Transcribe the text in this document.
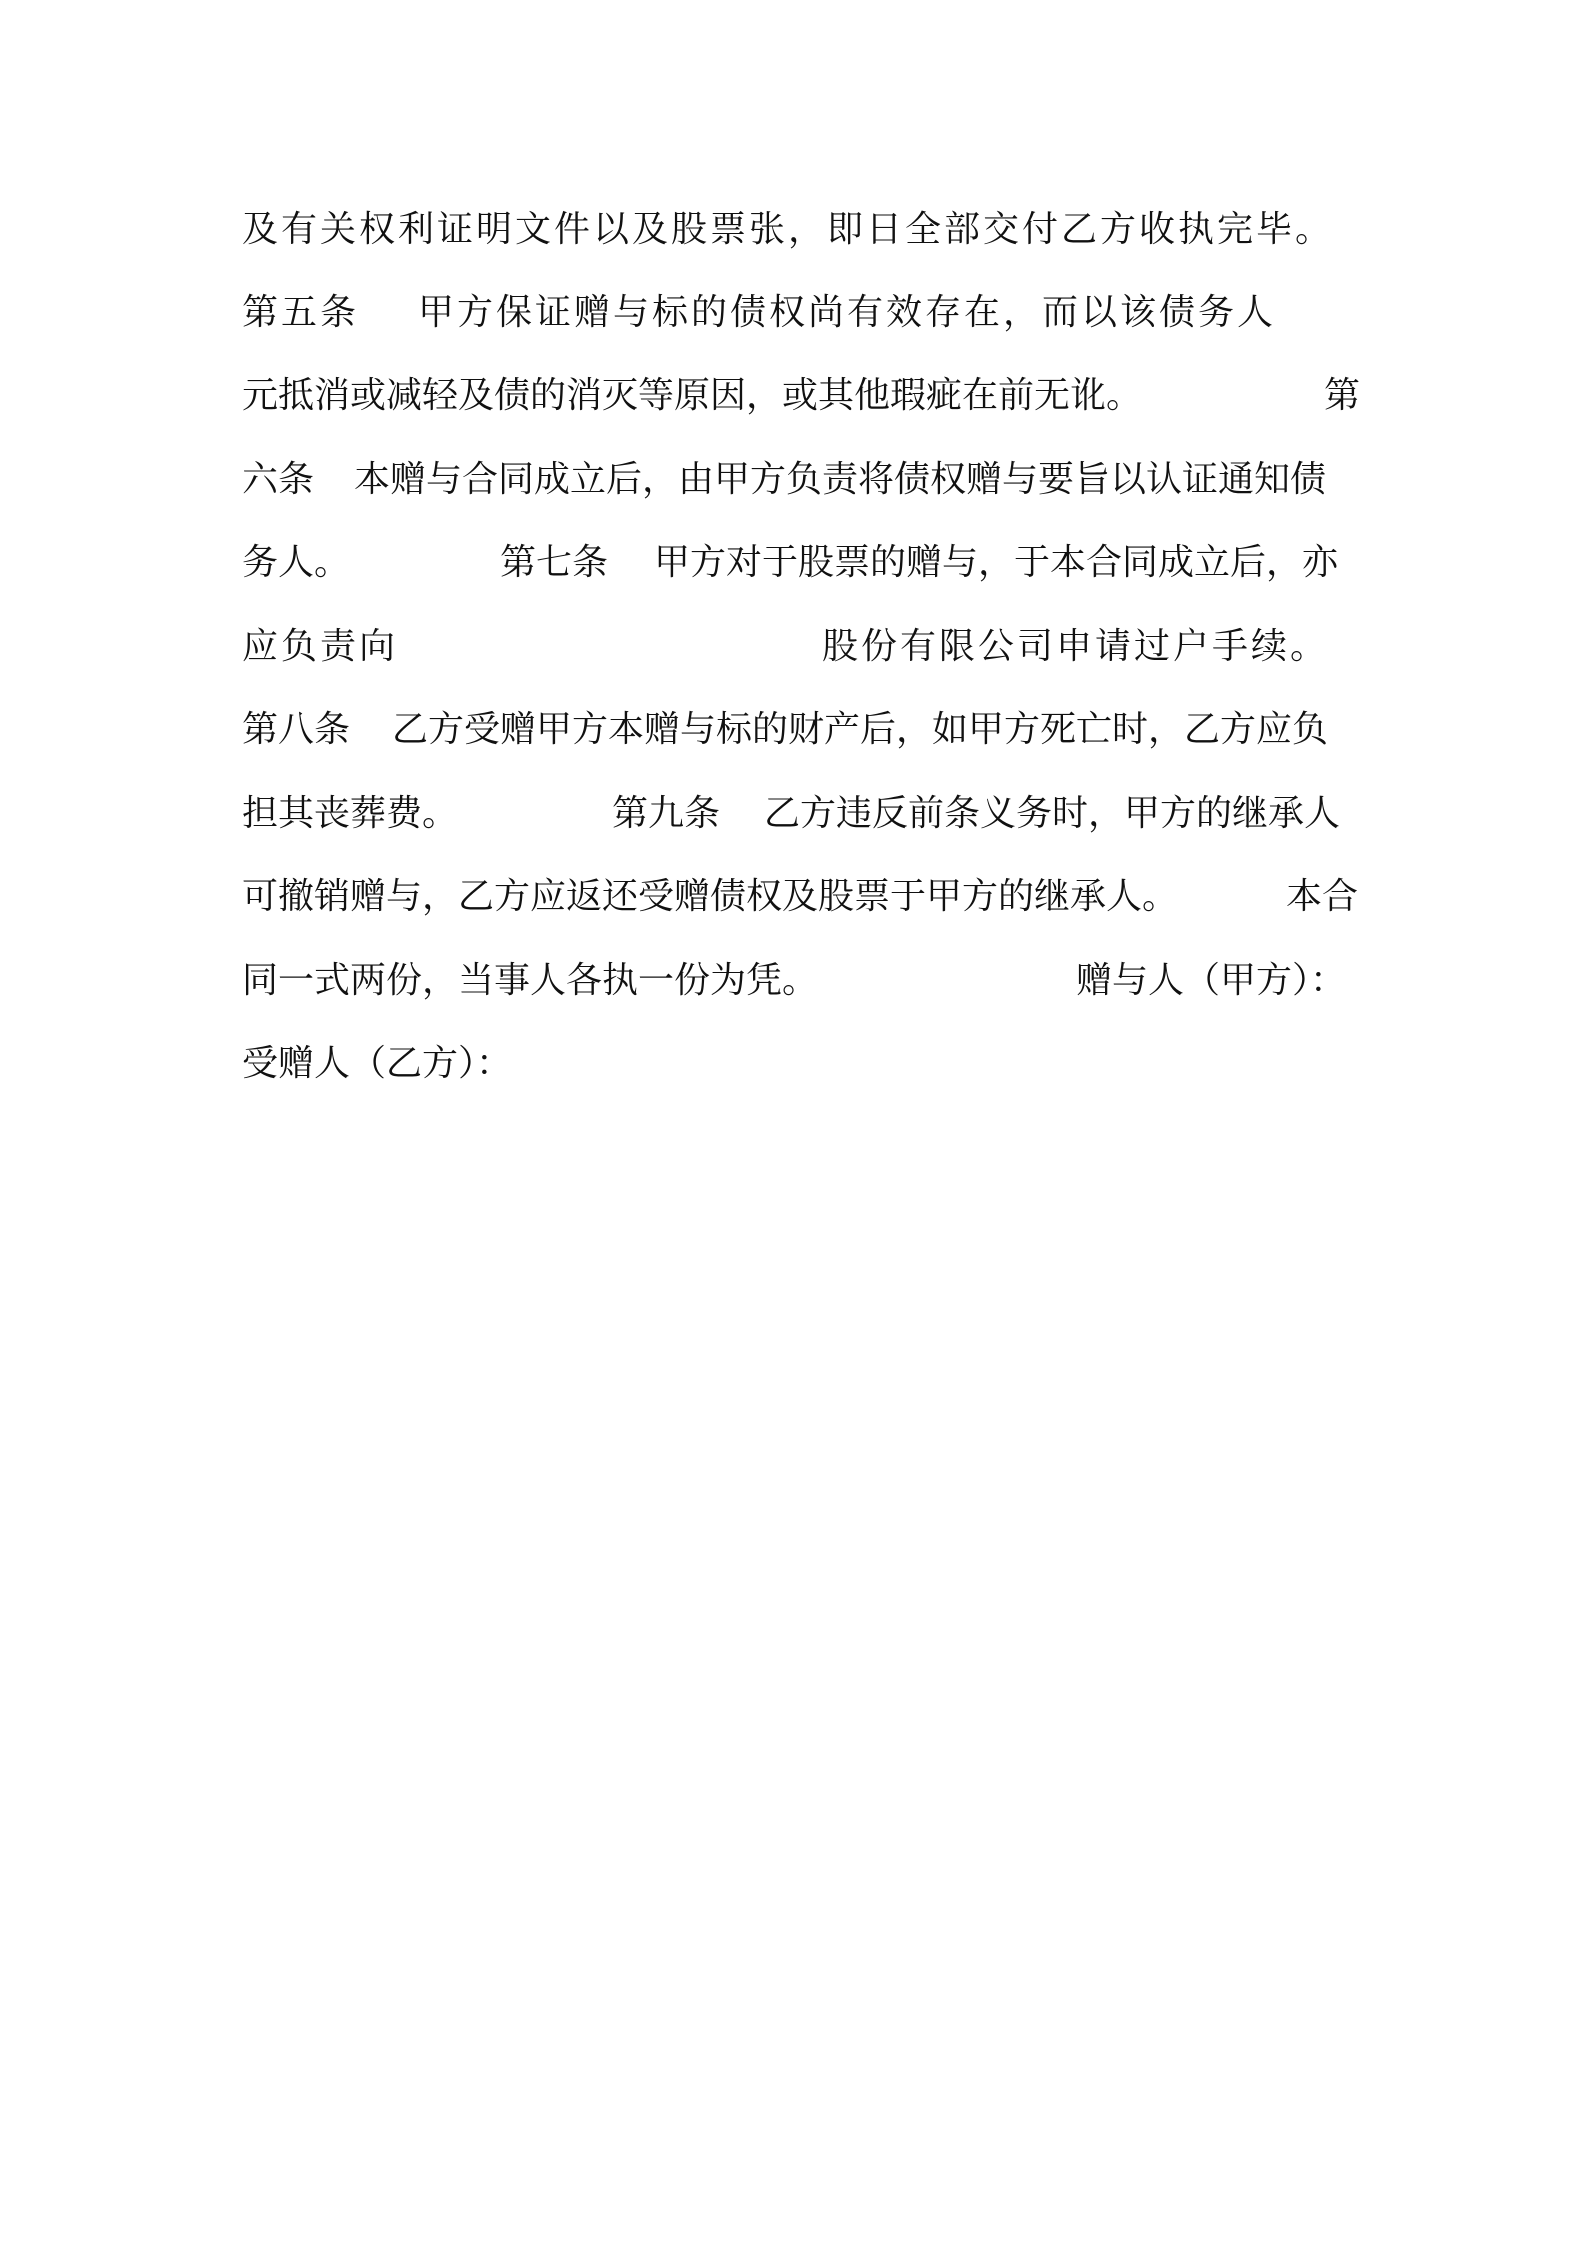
及有关权利证明文件以及股票张，即日全部交付乙方收执完毕。
第五条 甲方保证赠与标的债权尚有效存在，而以该债务人
元抵消或减轻及债的消灭等原因，或其他瑕疵在前无讹。	第
六条 本赠与合同成立后，由甲方负责将债权赠与要旨以认证通知债
务人。	第七条 甲方对于股票的赠与，于本合同成立后，亦
应负责向	股份有限公司申请过户手续。
第八条 乙方受赠甲方本赠与标的财产后，如甲方死亡时，乙方应负
担其丧葬费。	第九条 乙方违反前条义务时，甲方的继承人
可撤销赠与，乙方应返还受赠债权及股票于甲方的继承人。	本合
同一式两份，当事人各执一份为凭。	赠与人（甲方）：
受赠人（乙方）：
